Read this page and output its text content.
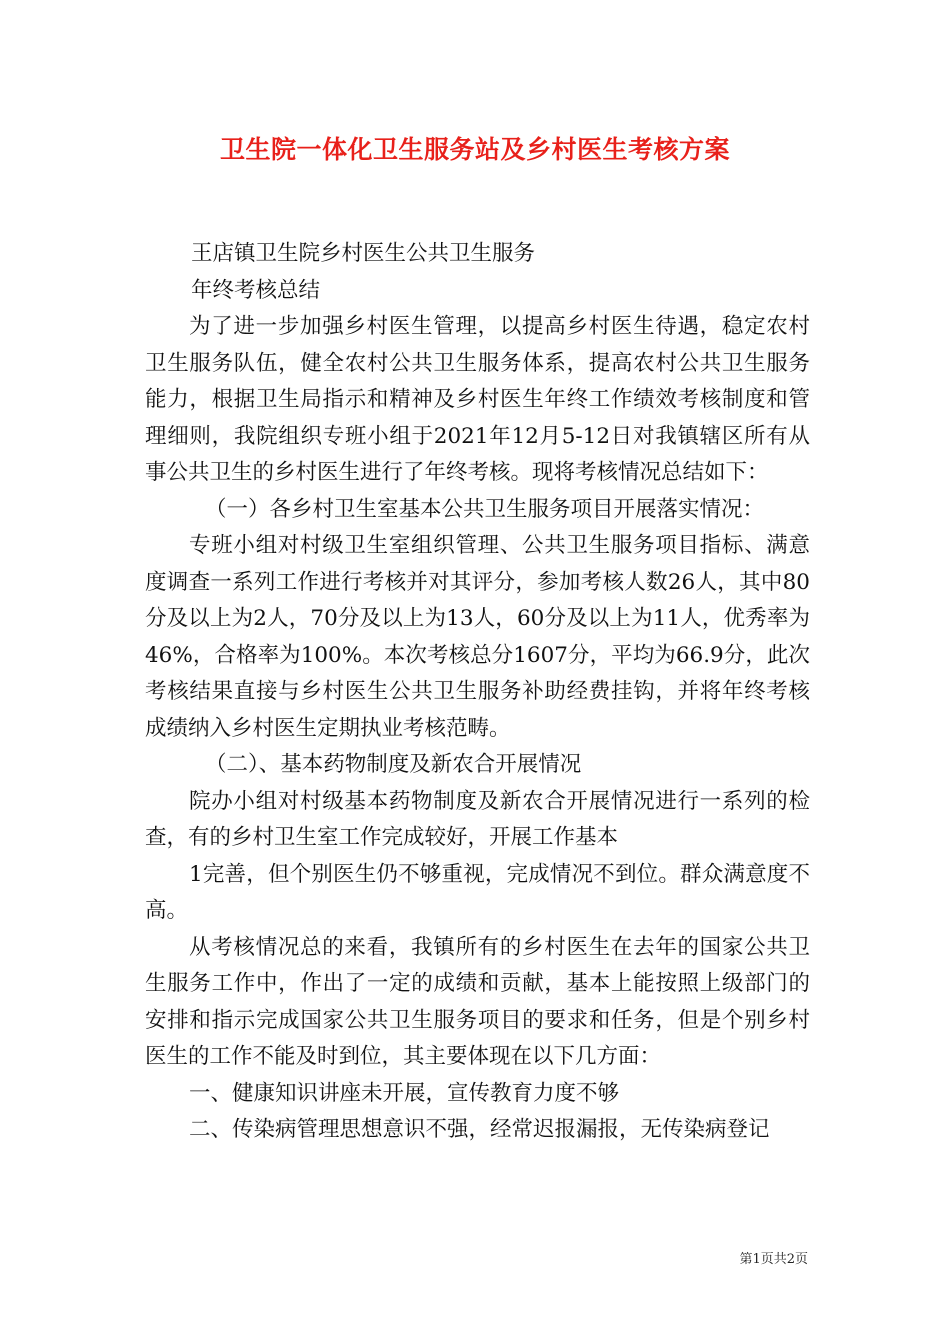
卫生院一体化卫生服务站及乡村医生考核方案

王店镇卫生院乡村医生公共卫生服务

年终考核总结

为了进一步加强乡村医生管理，以提高乡村医生待遇，稳定农村卫生服务队伍，健全农村公共卫生服务体系，提高农村公共卫生服务能力，根据卫生局指示和精神及乡村医生年终工作绩效考核制度和管理细则，我院组织专班小组于2021年12月5-12日对我镇辖区所有从事公共卫生的乡村医生进行了年终考核。现将考核情况总结如下：

（一）各乡村卫生室基本公共卫生服务项目开展落实情况：

专班小组对村级卫生室组织管理、公共卫生服务项目指标、满意度调查一系列工作进行考核并对其评分，参加考核人数26人，其中80分及以上为2人，70分及以上为13人，60分及以上为11人，优秀率为46%，合格率为100%。本次考核总分1607分，平均为66.9分，此次考核结果直接与乡村医生公共卫生服务补助经费挂钩，并将年终考核成绩纳入乡村医生定期执业考核范畴。

（二）、基本药物制度及新农合开展情况

院办小组对村级基本药物制度及新农合开展情况进行一系列的检查，有的乡村卫生室工作完成较好，开展工作基本

1完善，但个别医生仍不够重视，完成情况不到位。群众满意度不高。

从考核情况总的来看，我镇所有的乡村医生在去年的国家公共卫生服务工作中，作出了一定的成绩和贡献，基本上能按照上级部门的安排和指示完成国家公共卫生服务项目的要求和任务，但是个别乡村医生的工作不能及时到位，其主要体现在以下几方面：

一、健康知识讲座未开展，宣传教育力度不够

二、传染病管理思想意识不强，经常迟报漏报，无传染病登记

第1页共2页
